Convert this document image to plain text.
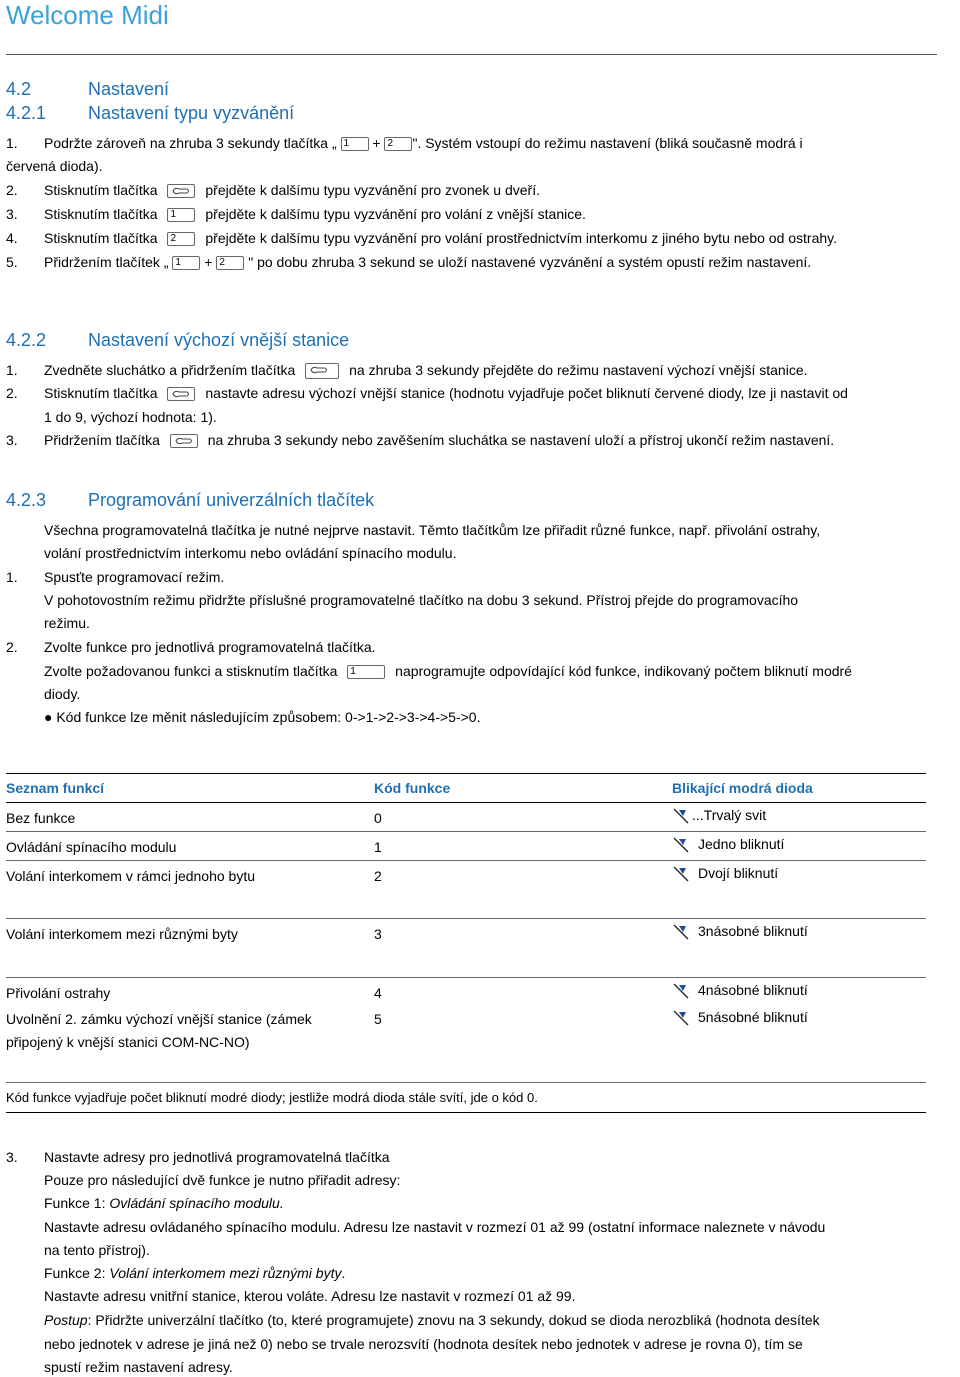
Welcome Midi
4.2	Nastavení
4.2.1 Nastavení typu vyzvánění
1. Podržte zároveň na zhruba 3 sekundy tlačítka „ 1 + 2 ". Systém vstoupí do režimu nastavení (bliká současně modrá i
červená dioda).
2. Stisknutím tlačítka	přejděte k dalšímu typu vyzvánění pro zvonek u dveří.
3. Stisknutím tlačítka 1 přejděte k dalšímu typu vyzvánění pro volání z vnější stanice.
4. Stisknutím tlačítka 2 přejděte k dalšímu typu vyzvánění pro volání prostřednictvím interkomu z jiného bytu nebo od ostrahy.
5. Přidržením tlačítek „ 1 + 2 " po dobu zhruba 3 sekund se uloží nastavené vyzvánění a systém opustí režim nastavení.
4.2.2 Nastavení výchozí vnější stanice
1. Zvedněte sluchátko a přidržením tlačítka	na zhruba 3 sekundy přejděte do režimu nastavení výchozí vnější stanice.
2. Stisknutím tlačítka	nastavte adresu výchozí vnější stanice (hodnotu vyjadřuje počet bliknutí červené diody, lze ji nastavit od
1 do 9, výchozí hodnota: 1).
3. Přidržením tlačítka	na zhruba 3 sekundy nebo zavěšením sluchátka se nastavení uloží a přístroj ukončí režim nastavení.
4.2.3 Programování univerzálních tlačítek
Všechna programovatelná tlačítka je nutné nejprve nastavit. Těmto tlačítkům lze přiřadit různé funkce, např. přivolání ostrahy,
volání prostřednictvím interkomu nebo ovládání spínacího modulu.
1. Spusťte programovací režim.
V pohotovostním režimu přidržte příslušné programovatelné tlačítko na dobu 3 sekund. Přístroj přejde do programovacího
režimu.
2. Zvolte funkce pro jednotlivá programovatelná tlačítka.
Zvolte požadovanou funkci a stisknutím tlačítka 1	naprogramujte odpovídající kód funkce, indikovaný počtem bliknutí modré
diody.
● Kód funkce lze měnit následujícím způsobem: 0->1->2->3->4->5->0.
Seznam funkcí	Kód funkce	Blikající modrá dioda
Bez funkce	0	...Trvalý svit
Ovládání spínacího modulu	1	Jedno bliknutí
Volání interkomem v rámci jednoho bytu	2	Dvojí bliknutí
Volání interkomem mezi různými byty	3	3násobné bliknutí
Přivolání ostrahy	4	4násobné bliknutí
Uvolnění 2. zámku výchozí vnější stanice (zámek
připojený k vnější stanici COM-NC-NO)	5	5násobné bliknutí
Kód funkce vyjadřuje počet bliknutí modré diody; jestliže modrá dioda stále svítí, jde o kód 0.		
3. Nastavte adresy pro jednotlivá programovatelná tlačítka
Pouze pro následující dvě funkce je nutno přiřadit adresy:
Funkce 1: Ovládání spínacího modulu.
Nastavte adresu ovládaného spínacího modulu. Adresu lze nastavit v rozmezí 01 až 99 (ostatní informace naleznete v návodu
na tento přístroj).
Funkce 2: Volání interkomem mezi různými byty.
Nastavte adresu vnitřní stanice, kterou voláte. Adresu lze nastavit v rozmezí 01 až 99.
Postup: Přidržte univerzální tlačítko (to, které programujete) znovu na 3 sekundy, dokud se dioda nerozbliká (hodnota desítek
nebo jednotek v adrese je jiná než 0) nebo se trvale nerozsvítí (hodnota desítek nebo jednotek v adrese je rovna 0), tím se
spustí režim nastavení adresy.
